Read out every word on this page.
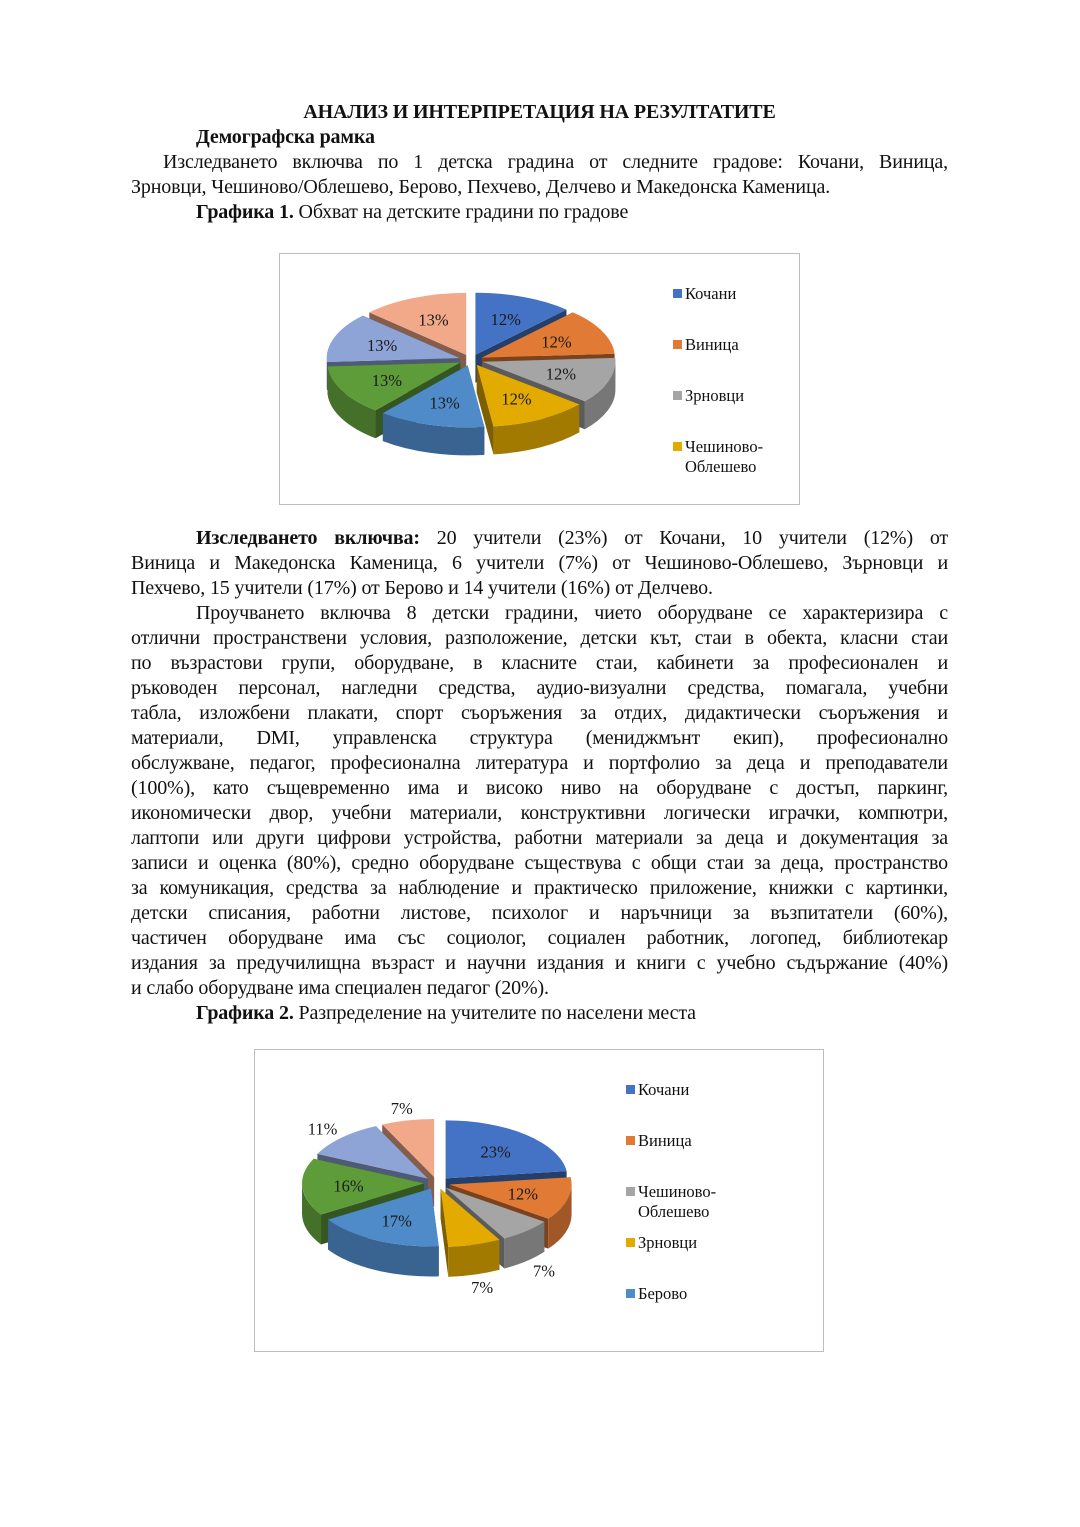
АНАЛИЗ И ИНТЕРПРЕТАЦИЯ НА РЕЗУЛТАТИТЕ
Демографска рамка
Изследването включва по 1 детска градина от следните градове: Кочани, Виница,
Зрновци, Чешиново/Облешево, Берово, Пехчево, Делчево и Македонска Каменица.
Графика 1. Обхват на детските градини по градове
12%
12%
12%
12%
13%
13%
13%
13%
Кочани
Виница
Зрновци
Чешиново-
Облешево
Изследването включва: 20 учители (23%) от Кочани, 10 учители (12%) от
Виница и Македонска Каменица, 6 учители (7%) от Чешиново-Облешево, Зърновци и
Пехчево, 15 учители (17%) от Берово и 14 учители (16%) от Делчево.
Проучването включва 8 детски градини, чието оборудване се характеризира с
отлични пространствени условия, разположение, детски кът, стаи в обекта, класни стаи
по възрастови групи, оборудване, в класните стаи, кабинети за професионален и
ръководен персонал, нагледни средства, аудио-визуални средства, помагала, учебни
табла, изложбени плакати, спорт съоръжения за отдих, дидактически съоръжения и
материали, DMI, управленска структура (мениджмънт екип), професионално
обслужване, педагог, професионална литература и портфолио за деца и преподаватели
(100%), като същевременно има и високо ниво на оборудване с достъп, паркинг,
икономически двор, учебни материали, конструктивни логически играчки, компютри,
лаптопи или други цифрови устройства, работни материали за деца и документация за
записи и оценка (80%), средно оборудване съществува с общи стаи за деца, пространство
за комуникация, средства за наблюдение и практическо приложение, книжки с картинки,
детски списания, работни листове, психолог и наръчници за възпитатели (60%),
частичен оборудване има със социолог, социален работник, логопед, библиотекар
издания за предучилищна възраст и научни издания и книги с учебно съдържание (40%)
и слабо оборудване има специален педагог (20%).
Графика 2. Разпределение на учителите по населени места
23%
12%
7%
7%
17%
16%
11%
7%
Кочани
Виница
Чешиново-Облешево
Зрновци
Берово
